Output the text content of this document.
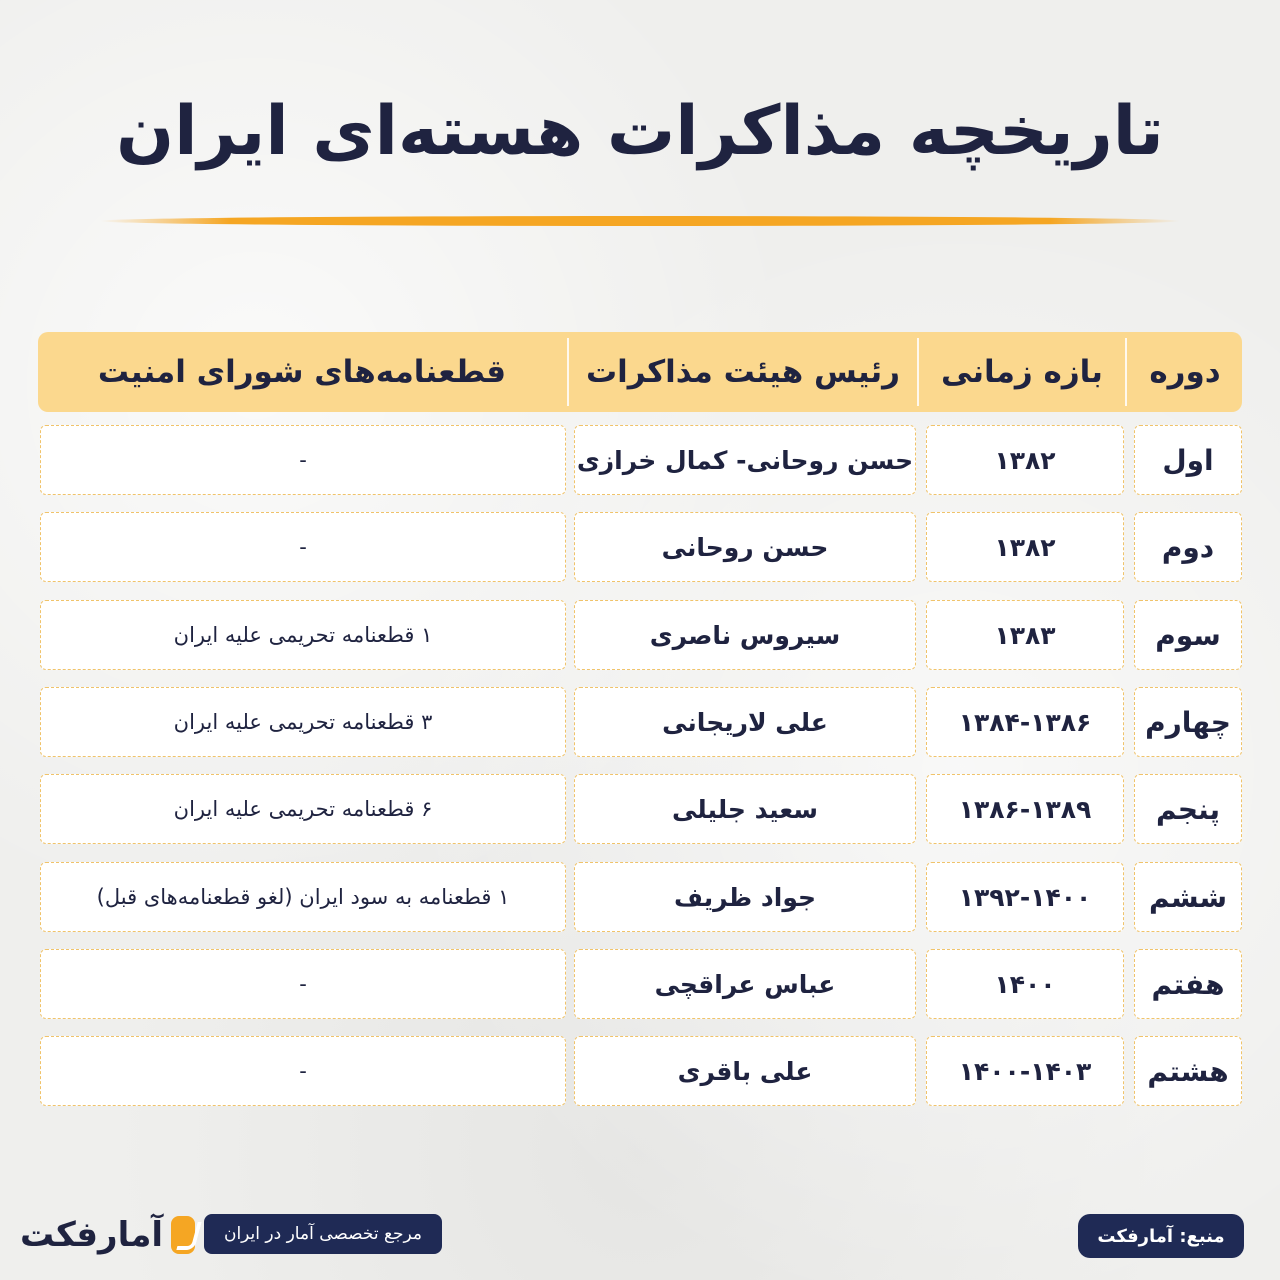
تاریخچه مذاکرات هسته‌ای ایران
دوره
بازه زمانی
رئیس هیئت مذاکرات
قطعنامه‌های شورای امنیت
اول
۱۳۸۲
حسن روحانی- کمال خرازی
-
دوم
۱۳۸۲
حسن روحانی
-
سوم
۱۳۸۳
سیروس ناصری
۱ قطعنامه تحریمی علیه ایران
چهارم
۱۳۸۴-۱۳۸۶
علی لاریجانی
۳ قطعنامه تحریمی علیه ایران
پنجم
۱۳۸۶-۱۳۸۹
سعید جلیلی
۶ قطعنامه تحریمی علیه ایران
ششم
۱۳۹۲-۱۴۰۰
جواد ظریف
۱ قطعنامه به سود ایران (لغو قطعنامه‌های قبل)
هفتم
۱۴۰۰
عباس عراقچی
-
هشتم
۱۴۰۰-۱۴۰۳
علی باقری
-
آمارفکت	مرجع تخصصی آمار در ایران	منبع: آمارفکت
